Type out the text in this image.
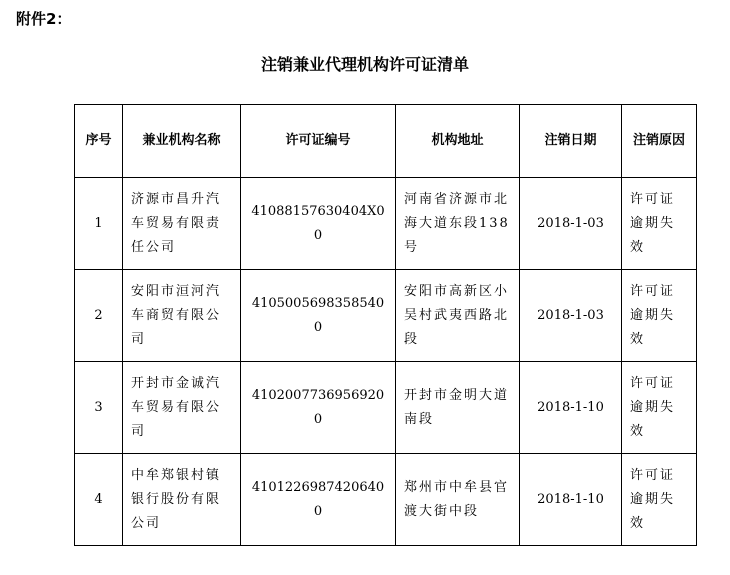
附件2：
注销兼业代理机构许可证清单
序号	兼业机构名称	许可证编号	机构地址	注销日期	注销原因
1	济源市昌升汽车贸易有限责任公司	41088157630404X00	河南省济源市北海大道东段138号	2018-1-03	许可证逾期失效
2	安阳市洹河汽车商贸有限公司	41050056983585400	安阳市高新区小吴村武夷西路北段	2018-1-03	许可证逾期失效
3	开封市金诚汽车贸易有限公司	41020077369569200	开封市金明大道南段	2018-1-10	许可证逾期失效
4	中牟郑银村镇银行股份有限公司	41012269874206400	郑州市中牟县官渡大街中段	2018-1-10	许可证逾期失效
